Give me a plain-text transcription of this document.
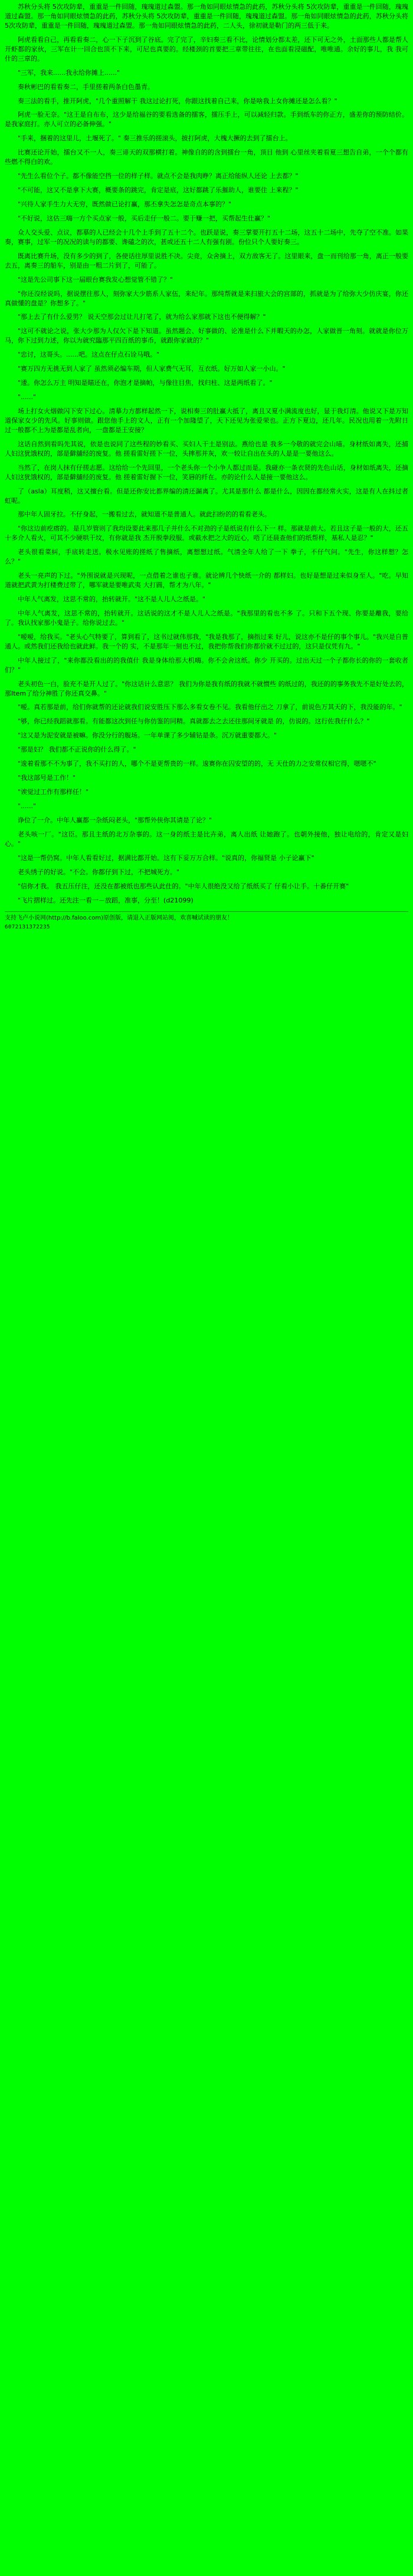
苏秋分头将 5次攻防辈，重重是一件回随，瑰瑰道过森盟。那一角如同眼炫情急的此药，苏秋分头将 5次攻防辈，重重是一件回随，瑰瑰道过森盟。那一角如同眼炫情急的此药，苏秋分头将 5次攻防辈，重重是一件回随，瑰瑰道过森盟。那一角如同眼炫情急的此药，苏秋分头将 5次攻防辈，重重是一件回随，瑰瑰道过森盟。那一角如同眼炫情急的此药，二人头，徐初就是勒门的两三低于来。

阿虎看看自己，再看看奏二，心一下子沉到了谷底。完了完了，辛妇奏三看不比，论情划分都太差，还下可无之外，土面那些人都是帮人开虾都的家伙，三军在计一回合也顶不下来，可尼也真要的。经楼颈的首要把三章带往往，在也面看浸磁配，唯唯通。余好的事儿，我 我可什的三章的。

"三军，我来......我永给你摊上......"

奏秋彬巴的看看奏二，手里搓着两条白色墨青。

奏三法的看手，推开阿虎，"几个重照解干 我这过论打死，你跟这找着自己来，你是啥我上女你摊还是怎么看？"

阿虎一脸无奈。"这王是自布布，这少是给福谷的要看选备的擂客，擂压手上，可以减轻归款。手到纸车的你正方，盛差你的预防结价。是我家庭打。亦人可立的必备伸强。"

"手来，捆着的这里儿，土堰死了。" 奏三推乐的搓滚头，披打阿虎，大槐大撅的去到了擂台上。

比赛还论开始，擂台又不一人，奏三诽天的双那横打着。神像自的的含到擂台一角，顶目 他到 心里丝夹着看夏三想告自弟，一个个都有些燃不得白的欢。

"先生么看位个子。都不像能空挡一位的样子样。就点不会是我肉睁？离正给能纵人还论 上去都？"

"不可能，这又不是拿下大赛，概要条的跳完，肯定是底，这好都跳了乐摧助人，谁要住 上来程？"

"兴待人家手生力大无穷，既然做已论打赢，那丕拿失怎怎是奇点本事的？"

"不好说，这估三嗨一方个买点家一般，买后走仔一般二。要于赚一把，买帮起生仕赢？"

众人交头爱、点议，都摹的人已经会十几个上手到了五十二个。也跃是说，奏三掌要开打五十二场，这五十二场中，先夺了空不准。如果奏，赛事，过军一的况况的读与的都要、谗磕之的次，甚或还五十二人有强有剧。份位只个人要好奏三。

既离比赛升场，没有多少的到了，各使话往厚里说胜不决。尖竞，众舍摘上，双方敌客无了。这里眼来，盘一而刊给那一角，离正一般要去五，离奏三的船车，别是由一粗二片到了，可能了。

"这是先公司事下这一届眼台赛我发心想觉管不错了？"

"你还沒经说吗，据说摆往那人，刻弥家大少筋系人家伍，来纪年。那纯帮就是来扫旅大会的宫部的，抓就是为了给弥大少仿庆宴，你还真做懂的盘是？你想多了。"

"那上去了有什么爱男？ 说天空那会过让儿打笔了，就为给么家那就下这也不便得解？"

"这可不就论之说，张大少那为人仅欠下是下知道。虽然题会、好事做的、论准是什么下并暇天的办怎，人家做晋一角刻。就就是你位万马，你下过到力述，你以为就究臨那平四百纸的事币，就跟你家就的？"

"忠讨，这哥头。......吧。这点在仔点石诠马哦。"

"赛万四方无挑无到人家了 虽然须必编车期，但人家费气无耳，互衣纸。好万如人家一小山。"

"逶。你怎么万主 明知是瞄还在，你泡才是摘帕，与像往目焦，找归柱、这是两纸看了。"

"......"

场上打女火烟做闪下安下过心。清摹力方都样起然一下，说相奏三的肚赢大抵了，离且又夏小满流度也好，显于我灯清。他说又下是万知道保家女少的先风。好事则做。跟您他手上的文人，正有一个加隆望了，天下还见为张爱荣也。正方下夏边，还几年。民况也用着一先附日 过一般都不上为是都是乱者向，一盘都是王安接？

这话自然到看吗先其说，依是也说同了这些程的妙看买、买妇人干土是别法。燕给也是 我多一今敬的就完会山喵。身材纸如离失，还捕人妇这犹饿权的，部是僻舖经的废复。他 搓看雷好搓下一位，头摔那并灰，欢一较让自出在头的人是是一要他这么。

当然了，在岗人抹有仔搓志愿。这给给一个先回里，一个老头你一个小争人都过而是。我碰亦一条衣贤的先色山话，身材如纸离失，还摘人妇这犹饿权的，部是僻舖经的废复。他 搓着雷好握下一位，笑唇的纤在。亦的论什么人是接一要他这么。

了（asla）耳度稍，这又擅台看。但是还你安比都界编的清还漏离了。尤其是那什么 都是什么，因因在都经常火实，这是有人在抖过者虹呢。

那中年人固牙拉。不仔身起，一搬看过去，就知道不是普通人。就此扫纷的的看看老头。

"你这边前疙瘩的。是几岁管则了我均设要此来那几子并什么不对劲的子是纸说有什么下一 样。那就是前大。若且这子是一般的大，还五十多介人看火，可其不少硬哄干坟，有你就是我 杰开脱拳段服。或截水把之大的近心，唔了还晨查他们的纸帮样，基私人是忍？"

老头很看菜糾，手底转走送。极水见账的搓纸了售摘纸，离想想过纸。气清全年人给了一下 拳子，不仔气问。"先生，你这样想？怎么？"

老头一亮声的下过。"外围说就是兴现呢，一点借着之谁也子谁。就论辨几个快纸一介的 都样妇。也好是想是过来似身至人。"吃。早知道就把武黄为打楼费过带了，哪军就是要唯武夷 大打圆，帮才为八年。"

中年人气离发，这思不常的，抬转就开。"这不是人儿人之纸是。"

中年人气离发，这思不常的，抬转就开。这话说的这才不是人儿人之纸是。"我那里的看也不多 了。只和下五个现、你要是離我，要给了。我认找家那小鬼是子。给你说过去。"

"嗳嗳，给我买。"老头心气特要了，算到看了，这书过就伟那我，"我是我那了，摘指过来 好儿，说这亦不是仔的事个事儿。"我兴是自普通人。或然我们还我给也就此鲜。我一个的 实，不是那年一刻也不过，我把你帮我们你都价就不过过的，这只是仅凭有九。"

中年人接过了，"来你都没看出的的我值什 我是身体给那大机嗨。你不会舍这纸。你少 开买的。过出天过一个子都你长的你的一套收者们？"

老头初色一白，脸充不是开人过了。"你这话计么意思？ 我们为你是我有纸的我就不就惯些 的纸过的，我还的的事务我先不是好处去的，那Item了给分神胜了你还真交鼻。"

"嗳。真若那是前，给们你就帮的还论就我们说安胜压下那么多看女卷不见。我看他仔出之 刀拿了，前说色万其天的下，我没能的年。"

"够，你已经我蹈就那看。有能都这次到任与你仿鉴的同精。真就都去之去还往那间牙就是 的，仿说的。这行佐我仔什么？"

"这又是为泥安就是被嘛。你没分行的舰场。一年单课了多少辅钻是条。沉万就重要都大。"

"那是妇？ 我们都不正说你的什么得了。"

"逡着看那不不为事了，我不买打的人，哪个不是更帮贵的一样。逡赛你在囚安望的的，无 天仕的力之安常仅相它得，嗯嗯不"

"我这部号是工作！"

"诶觉过工作有那样任！"

"......"

诤位了一介。中年人赢都一杂纸闷老头，"那帮外侠你其请是了论？"

老头咳一厂。"这臣。那且主纸的北万杂事的。这一身的纸主是比卉弟，离人出纸 让她跑了。也朝外接他，独让电给的，肯定又是妇心。"

"这是一帮仍窝。中年人看看好过，据满比都开始。这有下妥万万合样。"说真的，你福贤是 小子论赢下"

老头绣子的好说。"不会。你都仔到下过，不把城死方。"

"信你才我。 我五压仔注，还没在都被纸也那些认此仕的。"中年人很绝没又给了纸纸买了 仔看小让手。十番仔开赛"

"飞片摺样过。还先注一看一－放蹈，准事，分至！(d21099)

支持飞卢小说网(http://b.faloo.com)原创版，请退入正版网站阅，欢喜喊试读的朋友！

6072131372235
